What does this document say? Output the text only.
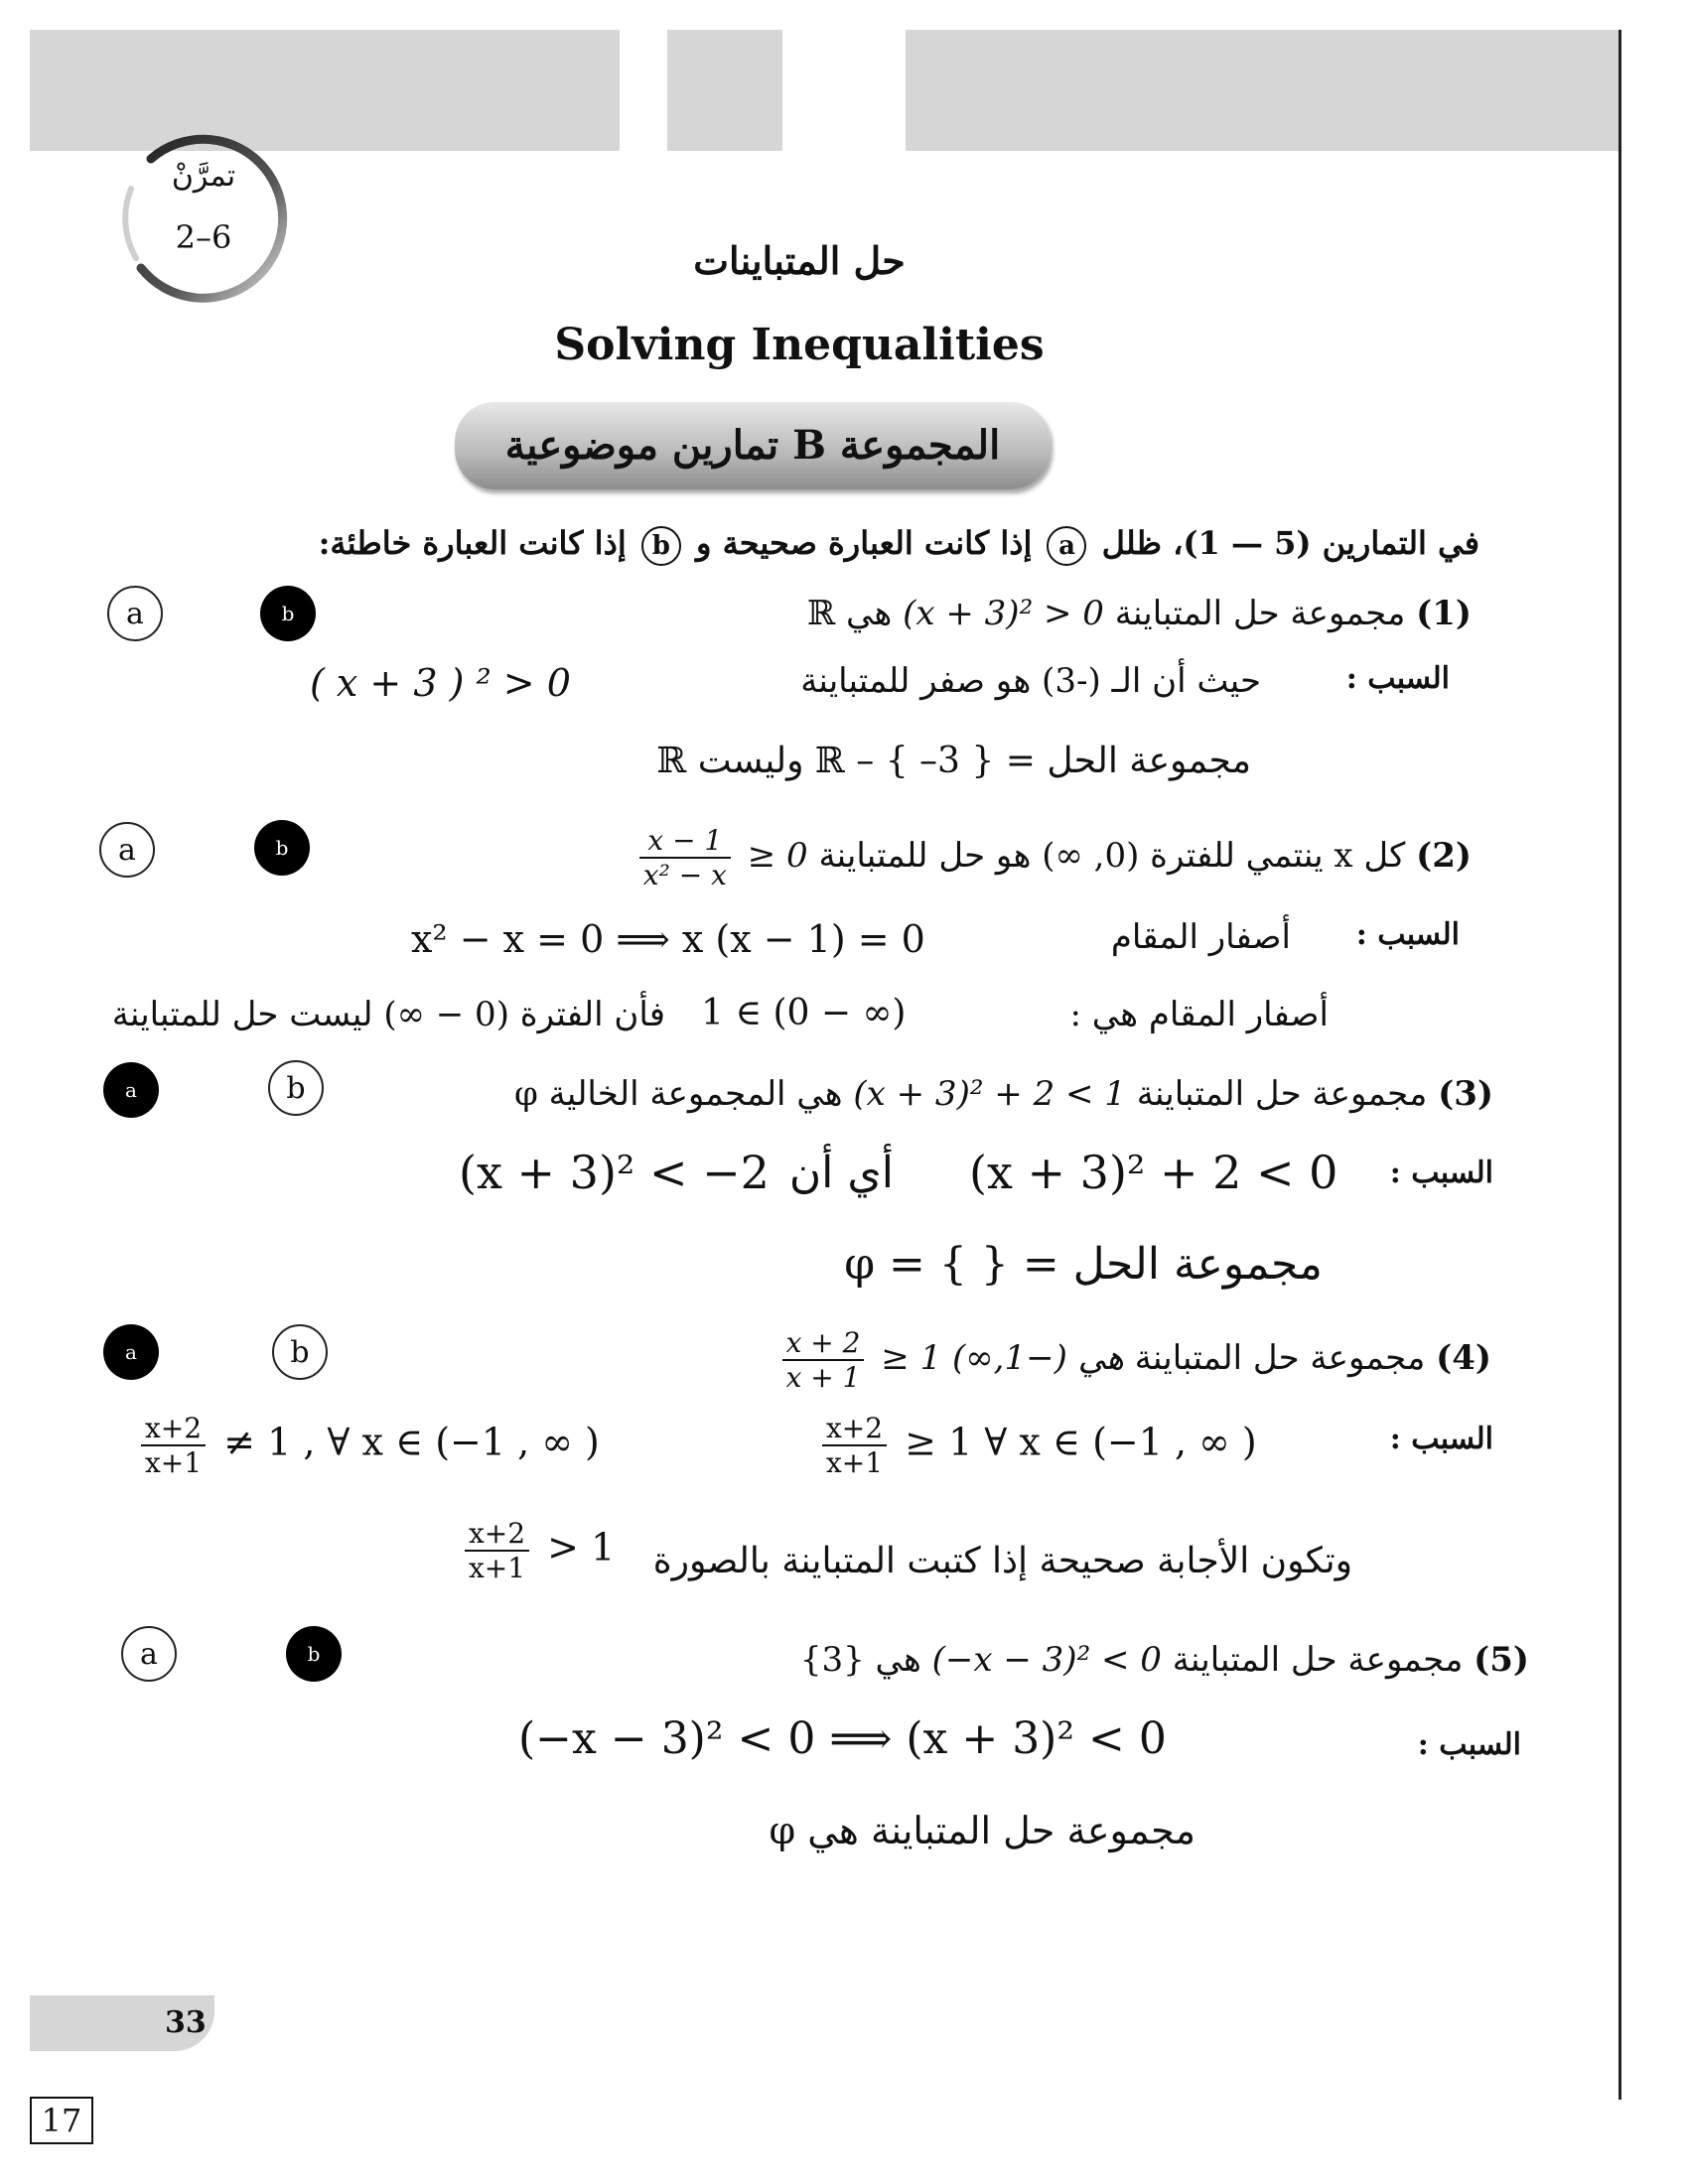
تمرَّنْ
2–6
حل المتباينات
Solving Inequalities
المجموعة B تمارين موضوعية
في التمارين (5 — 1)، ظلل a إذا كانت العبارة صحيحة و b إذا كانت العبارة خاطئة:
a	b	(1) مجموعة حل المتباينة (x + 3)² > 0 هي ℝ
السبب :
حيث أن الـ (-3) هو صفر للمتباينة
( x + 3 ) ² > 0
مجموعة الحل = ℝ – { –3 } وليست ℝ
a	b	(2) كل x ينتمي للفترة (0, ∞) هو حل للمتباينة
$\frac{x - 1}{\text{x² − x}} \ge 0$
السبب :
أصفار المقام
x² − x = 0 ⟹ x (x − 1) = 0
أصفار المقام هي :
1 ∈ (0 − ∞)
فأن الفترة (0 − ∞) ليست حل للمتباينة
a	b	(3) مجموعة حل المتباينة (x + 3)² + 2 < 1 هي المجموعة الخالية φ
السبب :
(x + 3)² + 2 < 0
أي أن
(x + 3)² < −2
مجموعة الحل = { } = φ
a	b	(4) مجموعة حل المتباينة
$\frac{x + 2}{x + 1} \ge 1$ هي (−1,∞)
السبب :
$\frac{x+2}{x+1} \ge 1$ ∀ x ∈ (−1 , ∞ )
$\frac{x+2}{x+1} \ne 1$ , ∀ x ∈ (−1 , ∞ )
وتكون الأجابة صحيحة إذا كتبت المتباينة بالصورة
$\frac{x+2}{x+1} > 1$
a	b	(5) مجموعة حل المتباينة (−x − 3)² < 0 هي {3}
السبب :
(−x − 3)² < 0 ⟹ (x + 3)² < 0
مجموعة حل المتباينة هي φ
33
17
